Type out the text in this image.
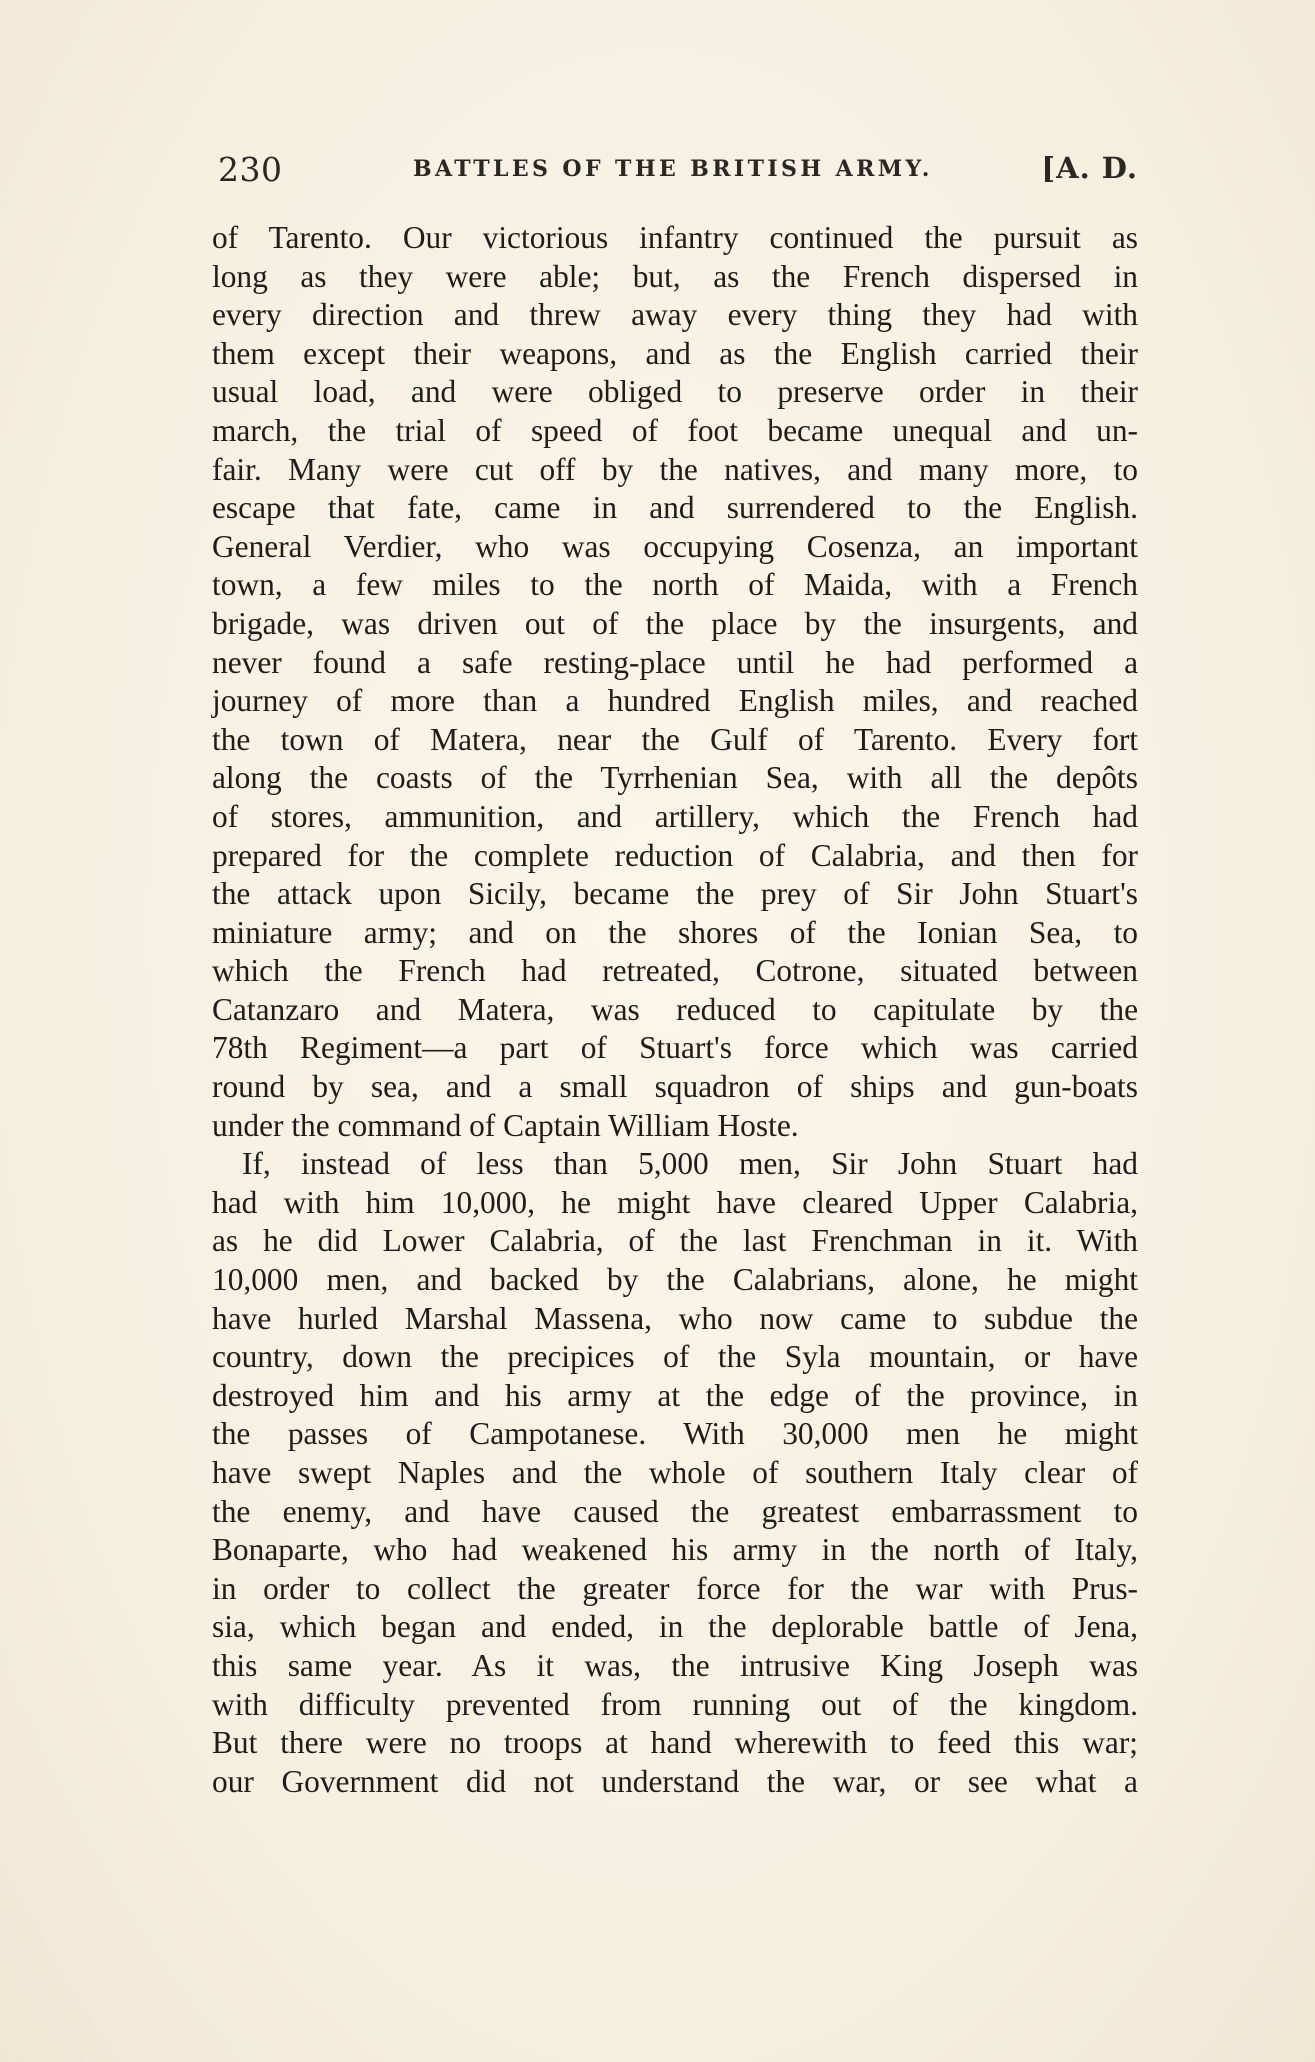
230	BATTLES OF THE BRITISH ARMY.	[A. D.
of Tarento. Our victorious infantry continued the pursuit as
long as they were able; but, as the French dispersed in
every direction and threw away every thing they had with
them except their weapons, and as the English carried their
usual load, and were obliged to preserve order in their
march, the trial of speed of foot became unequal and un-
fair. Many were cut off by the natives, and many more, to
escape that fate, came in and surrendered to the English.
General Verdier, who was occupying Cosenza, an important
town, a few miles to the north of Maida, with a French
brigade, was driven out of the place by the insurgents, and
never found a safe resting-place until he had performed a
journey of more than a hundred English miles, and reached
the town of Matera, near the Gulf of Tarento. Every fort
along the coasts of the Tyrrhenian Sea, with all the depôts
of stores, ammunition, and artillery, which the French had
prepared for the complete reduction of Calabria, and then for
the attack upon Sicily, became the prey of Sir John Stuart's
miniature army; and on the shores of the Ionian Sea, to
which the French had retreated, Cotrone, situated between
Catanzaro and Matera, was reduced to capitulate by the
78th Regiment—a part of Stuart's force which was carried
round by sea, and a small squadron of ships and gun-boats
under the command of Captain William Hoste.
If, instead of less than 5,000 men, Sir John Stuart had
had with him 10,000, he might have cleared Upper Calabria,
as he did Lower Calabria, of the last Frenchman in it. With
10,000 men, and backed by the Calabrians, alone, he might
have hurled Marshal Massena, who now came to subdue the
country, down the precipices of the Syla mountain, or have
destroyed him and his army at the edge of the province, in
the passes of Campotanese. With 30,000 men he might
have swept Naples and the whole of southern Italy clear of
the enemy, and have caused the greatest embarrassment to
Bonaparte, who had weakened his army in the north of Italy,
in order to collect the greater force for the war with Prus-
sia, which began and ended, in the deplorable battle of Jena,
this same year. As it was, the intrusive King Joseph was
with difficulty prevented from running out of the kingdom.
But there were no troops at hand wherewith to feed this war;
our Government did not understand the war, or see what a
